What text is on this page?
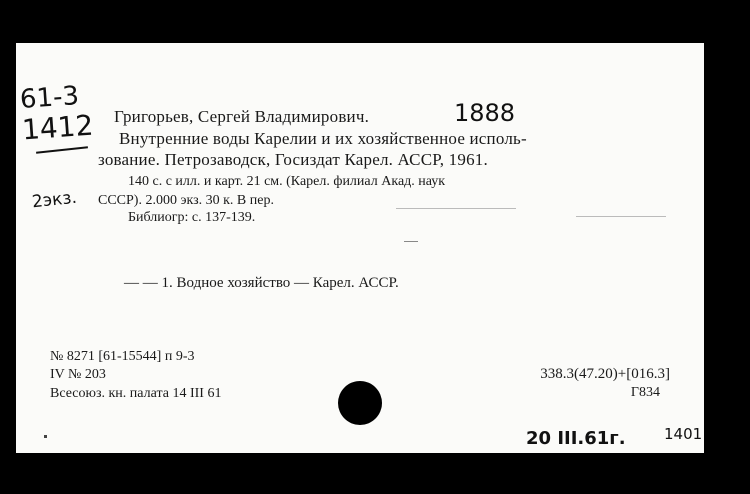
61-3
1412 Григорьев, Сергей Владимирович.	1888
Внутренние воды Карелии и их хозяйственное исполь-
зование. Петрозаводск, Госиздат Карел. АССР, 1961.
2экз.
140 с. с илл. и карт. 21 см. (Карел. филиал Акад. наук
СССР). 2.000 экз. 30 к. В пер.
Библиогр: с. 137-139.
— — 1. Водное хозяйство — Карел. АССР.
№ 8271 [61-15544] п 9-3
IV № 203
Всесоюз. кн. палата 14 III 61
338.3(47.20)+[016.3]
Г834
20 III.61г.	1401
